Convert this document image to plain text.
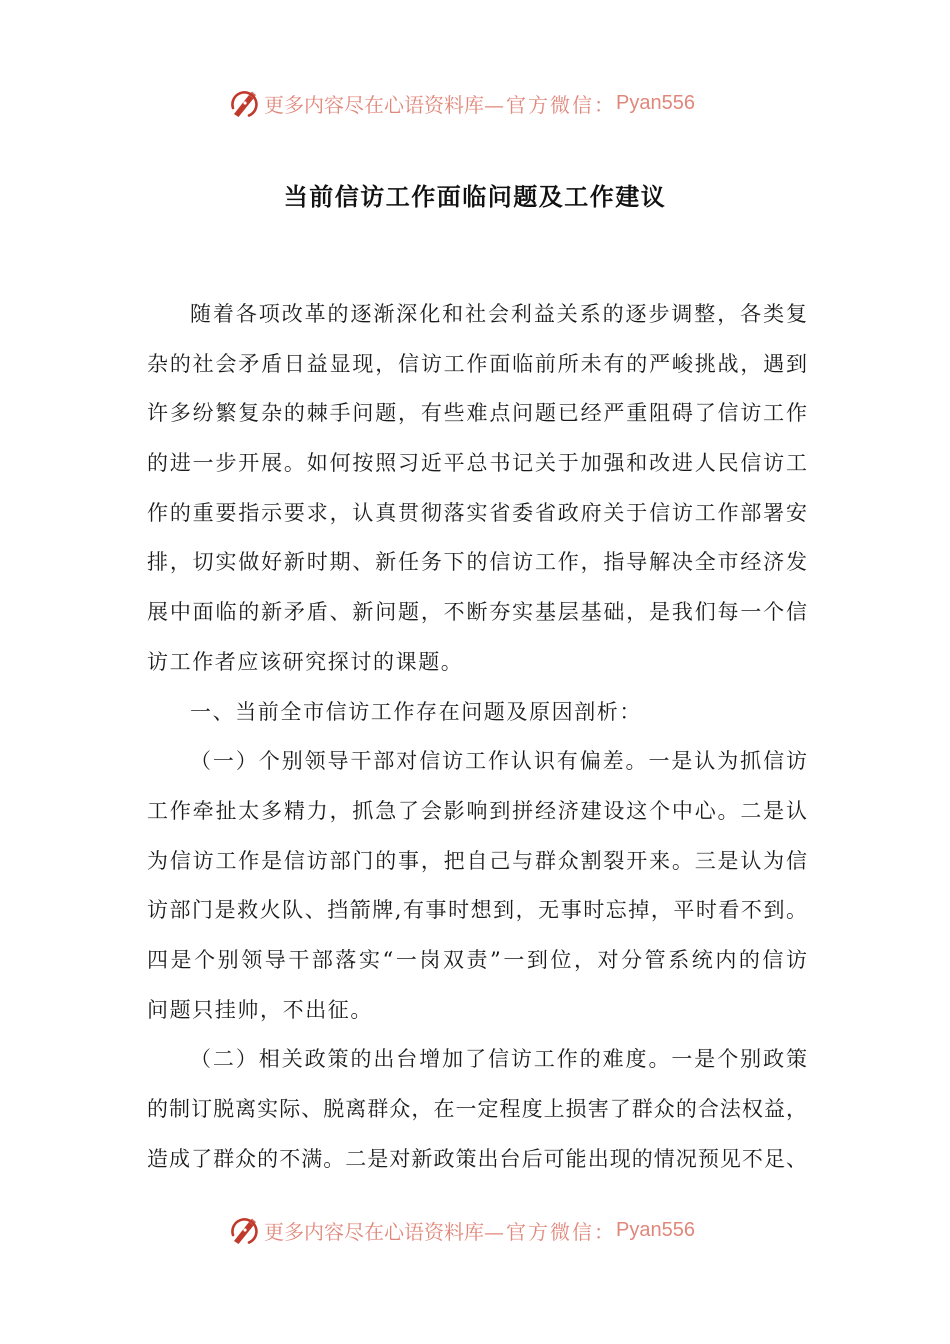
更多内容尽在心语资料库 —官方微信： Pyan556
当前信访工作面临问题及工作建议
随着各项改革的逐渐深化和社会利益关系的逐步调整，各类复
杂的社会矛盾日益显现，信访工作面临前所未有的严峻挑战，遇到
许多纷繁复杂的棘手问题，有些难点问题已经严重阻碍了信访工作
的进一步开展。如何按照习近平总书记关于加强和改进人民信访工
作的重要指示要求，认真贯彻落实省委省政府关于信访工作部署安
排，切实做好新时期、新任务下的信访工作，指导解决全市经济发
展中面临的新矛盾、新问题，不断夯实基层基础，是我们每一个信
访工作者应该研究探讨的课题。
一、当前全市信访工作存在问题及原因剖析：
（一）个别领导干部对信访工作认识有偏差。一是认为抓信访
工作牵扯太多精力，抓急了会影响到拼经济建设这个中心。二是认
为信访工作是信访部门的事，把自己与群众割裂开来。三是认为信
访部门是救火队、挡箭牌,有事时想到，无事时忘掉，平时看不到。
四是个别领导干部落实“一岗双责”一到位，对分管系统内的信访
问题只挂帅，不出征。
（二）相关政策的出台增加了信访工作的难度。一是个别政策
的制订脱离实际、脱离群众，在一定程度上损害了群众的合法权益，
造成了群众的不满。二是对新政策出台后可能出现的情况预见不足、
更多内容尽在心语资料库 —官方微信： Pyan556
